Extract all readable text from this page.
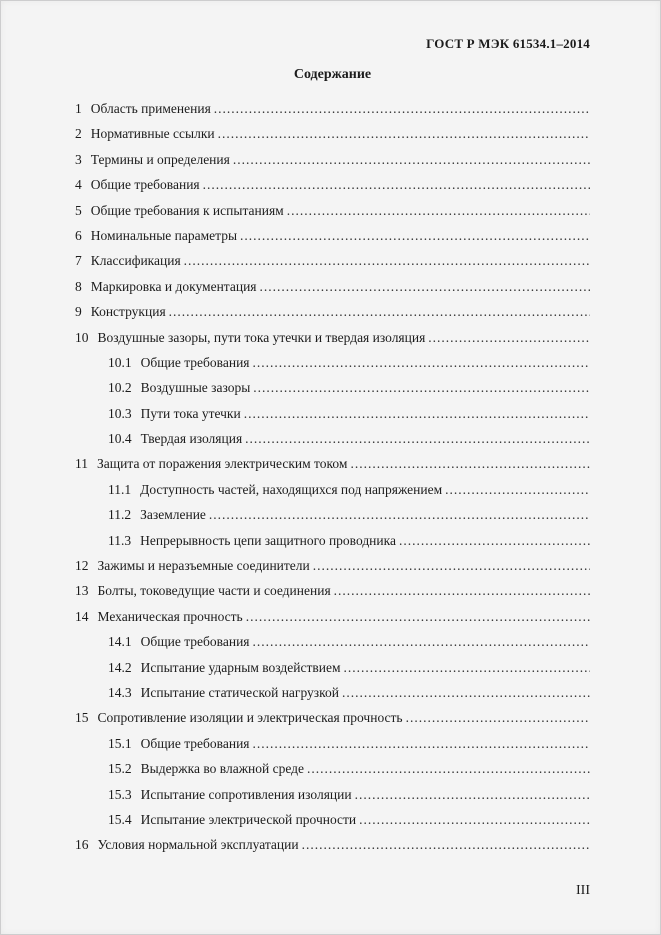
ГОСТ Р МЭК 61534.1–2014
Содержание
1 Область применения
.....
2 Нормативные ссылки
.....
3 Термины и определения
.....
4 Общие требования
.....
5 Общие требования к испытаниям
.....
6 Номинальные параметры
.....
7 Классификация
.....
8 Маркировка и документация
.....
9 Конструкция
.....
10 Воздушные зазоры, пути тока утечки и твердая изоляция
.....
10.1 Общие требования
.....
10.2 Воздушные зазоры
.....
10.3 Пути тока утечки
.....
10.4 Твердая изоляция
.....
11 Защита от поражения электрическим током
.....
11.1 Доступность частей, находящихся под напряжением
.....
11.2 Заземление
.....
11.3 Непрерывность цепи защитного проводника
.....
12 Зажимы и неразъемные соединители
.....
13 Болты, токоведущие части и соединения
.....
14 Механическая прочность
.....
14.1 Общие требования
.....
14.2 Испытание ударным воздействием
.....
14.3 Испытание статической нагрузкой
.....
15 Сопротивление изоляции и электрическая прочность
.....
15.1 Общие требования
.....
15.2 Выдержка во влажной среде
.....
15.3 Испытание сопротивления изоляции
.....
15.4 Испытание электрической прочности
.....
16 Условия нормальной эксплуатации
.....
III
